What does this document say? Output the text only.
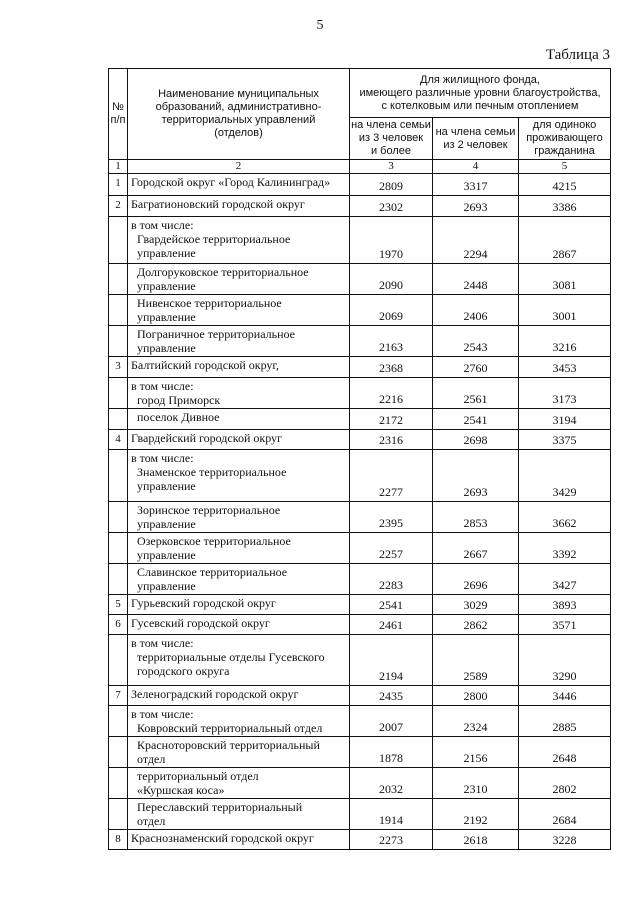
5
Таблица 3
№
п/п	Наименование муниципальных
образований, административно-
территориальных управлений
(отделов)	Для жилищного фонда,
имеющего различные уровни благоустройства,
с котелковым или печным отоплением		
		на члена семьи
из 3 человек
и более	на члена семьи
из 2 человек	для одиноко
проживающего
гражданина
1	2	3	4	5
1	Городской округ «Город Калининград»	2809	3317	4215
2	Багратионовский городской округ	2302	2693	3386

	в том числе:
Гвардейское территориальное
управление	1970	2294	2867

	Долгоруковское территориальное
управление	2090	2448	3081

	Нивенское территориальное
управление	2069	2406	3001

	Пограничное территориальное
управление	2163	2543	3216
3	Балтийский городской округ,	2368	2760	3453

	в том числе:
город Приморск	2216	2561	3173

	поселок Дивное	2172	2541	3194
4	Гвардейский городской округ	2316	2698	3375

	в том числе:
Знаменское территориальное
управление	2277	2693	3429

	Зоринское территориальное
управление	2395	2853	3662

	Озерковское территориальное
управление	2257	2667	3392

	Славинское территориальное
управление	2283	2696	3427
5	Гурьевский городской округ	2541	3029	3893
6	Гусевский городской округ	2461	2862	3571

	в том числе:
территориальные отделы Гусевского
городского округа	2194	2589	3290
7	Зеленоградский городской округ	2435	2800	3446

	в том числе:
Ковровский территориальный отдел	2007	2324	2885

	Красноторовский территориальный
отдел	1878	2156	2648

	территориальный отдел
«Куршская коса»	2032	2310	2802

	Переславский территориальный
отдел	1914	2192	2684
8	Краснознаменский городской округ	2273	2618	3228
